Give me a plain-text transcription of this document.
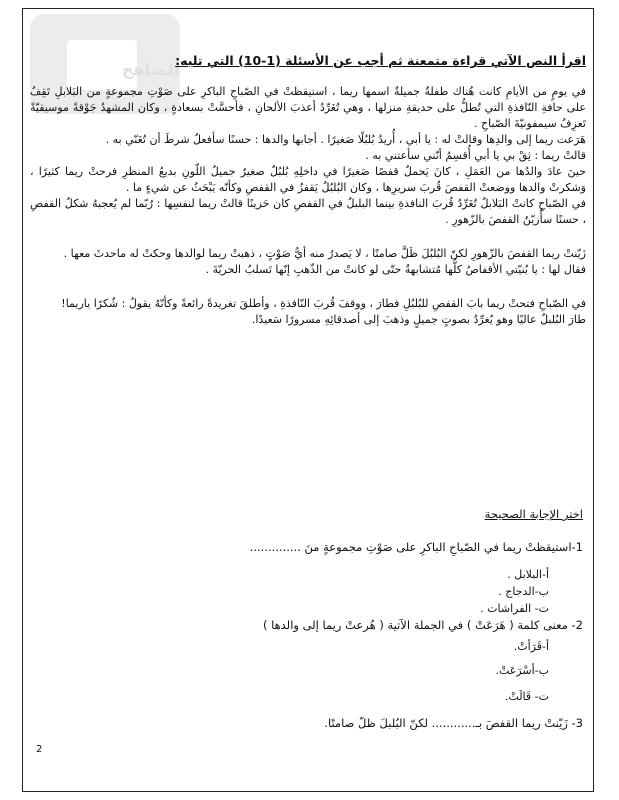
المناهج
اقرأ النص الآتي قراءة متمعنة ثم أجب عن الأسئلة (1-10) التي تليه:

في يومٍ من الأيامِ كانت هُناك طفلةٌ جميلةٌ اسمها ريما ، استيقظتْ في الصّباحِ الباكرِ على صَوْتِ مجموعةٍ من البَلابلِ تَقِفُ على حافةِ النّافذةِ التي تُطلُّ على حديقةِ منزلها ، وهي تُغَرِّدُ أعذبَ الألحانِ ، فأحسَّتْ بسعادةٍ ، وكان المشهدُ جَوْقةً موسيقيّةً تَعزِفُ سيمفونيّةَ الصّباحِ .

هَرَعت ريما إلى والدِها وقالتْ له : يا أبي ، أُريدُ بُلبُلًا صَغيرًا . أجابها والدها : حسنًا سأفعلُ شرطَ أن تُغَنّي به .

قالتْ ريما : ثِقْ بي يا أبي أُقسِمُ أنّني سأعتني به .

حينَ عادَ والدُها من العَمَلِ ، كانَ يَحملُ قفصًا صَغيرًا في داخلِهِ بُلبُلٌ صغيرٌ جميلُ اللّونِ بديعُ المنظرِ فرحتْ ريما كثيرًا ، وَشكرتْ والدها ووضعتْ القفصَ قُربَ سريرِها ، وكان البُلبُلُ يَقفزُ في القفصِ وكأنّه يَبْحَثُ عن شيءٍ ما .

في الصّباحِ كانتْ البَلابلُ تُغَرِّدُ قُربَ النافذةِ بينما البلبلُ في القفصِ كان حَزينًا قالتْ ريما لنفسِها : رُبّما لم يُعجبهُ شكلُ القفصِ ، حسنًا سأُزيّنُ القفصَ بالزّهورِ .

زَيّنتْ ريما القفصَ بالزّهورِ لكنّ البُلبُلَ ظَلَّ صامتًا ، لا يَصدرُ منه أيُّ صَوْتٍ ، ذهبتْ ريما لوالدها وحكتْ له ماحدثَ معها .

فقال لها : يا بُنيّتي الأقفاصُ كلُّها مُتشابهةٌ حتّى لو كانتْ من الذّهبِ إنّها تَسلبُ الحريّةَ .

في الصّباحِ فتحتْ ريما بابَ القفصِ للبُلبُلِ فطارَ ، ووقفَ قُربَ النّافذةِ ، وأطلقَ تغريدةً رائعةً وكأنّهُ يقولُ : شُكرًا ياريما!

طارَ البُلبلُ عاليًا وهو يُغرِّدُ بصوتٍ جميلٍ وذهبَ إلى أصدقائِهِ مسرورًا سَعيدًا.

اختر الإجابة الصحيحة
1-استيقظتْ ريما في الصّباحِ الباكرِ على صَوْتِ مجموعةٍ منَ ..............
أ-البلابل .
ب-الدجاج .
ت- الفراشات .
2- معنى كلمة ( هَرَعَتْ ) في الجملة الآتية ( هُرعتْ ريما إلى والدها )
أ-قَرَأتْ.
ب-أسْرَعَتْ.
ت- قَالَتْ.
3- زَيّنتْ ريما القفصَ بـ............ لكنّ البُلبلَ ظلّ صامتًا.
2
